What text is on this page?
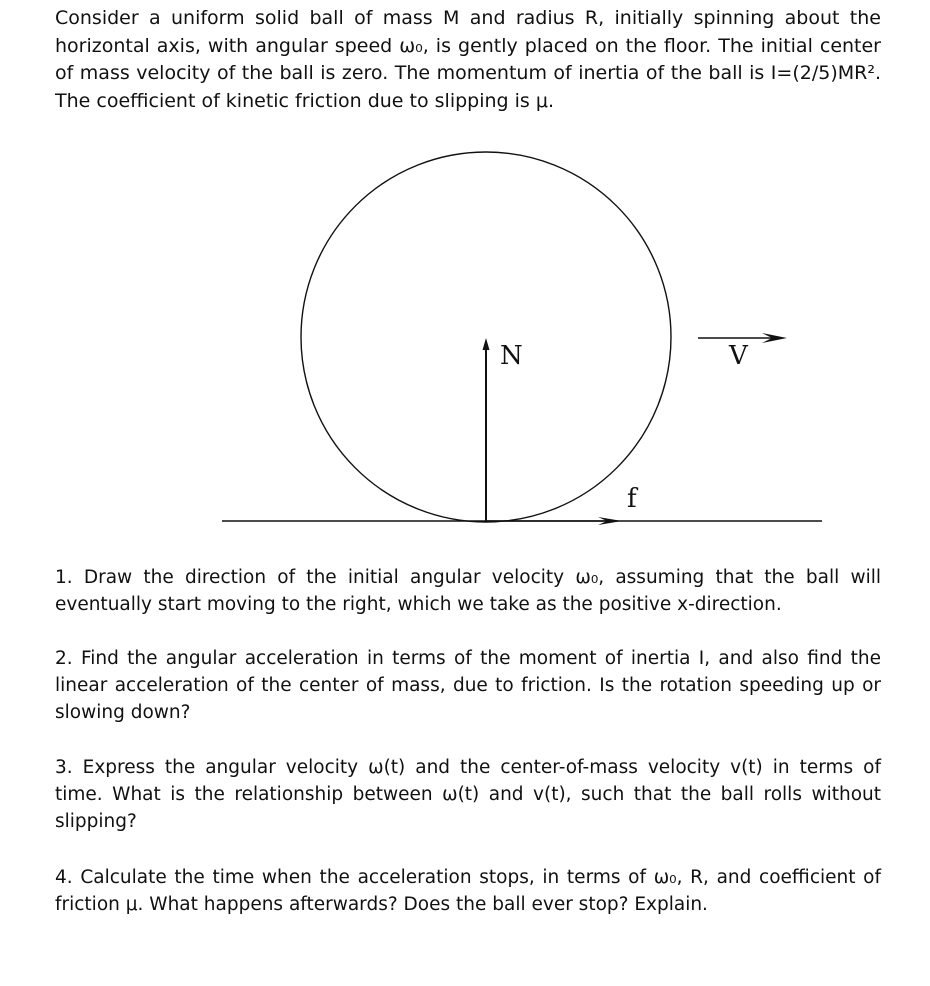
Consider a uniform solid ball of mass M and radius R, initially spinning about the horizontal axis, with angular speed ω₀, is gently placed on the floor. The initial center of mass velocity of the ball is zero. The momentum of inertia of the ball is I=(2/5)MR². The coefficient of kinetic friction due to slipping is μ.

N	V
f

1. Draw the direction of the initial angular velocity ω₀, assuming that the ball will eventually start moving to the right, which we take as the positive x-direction.

2. Find the angular acceleration in terms of the moment of inertia I, and also find the linear acceleration of the center of mass, due to friction. Is the rotation speeding up or slowing down?

3. Express the angular velocity ω(t) and the center-of-mass velocity v(t) in terms of time. What is the relationship between ω(t) and v(t), such that the ball rolls without slipping?

4. Calculate the time when the acceleration stops, in terms of ω₀, R, and coefficient of friction μ. What happens afterwards? Does the ball ever stop? Explain.
